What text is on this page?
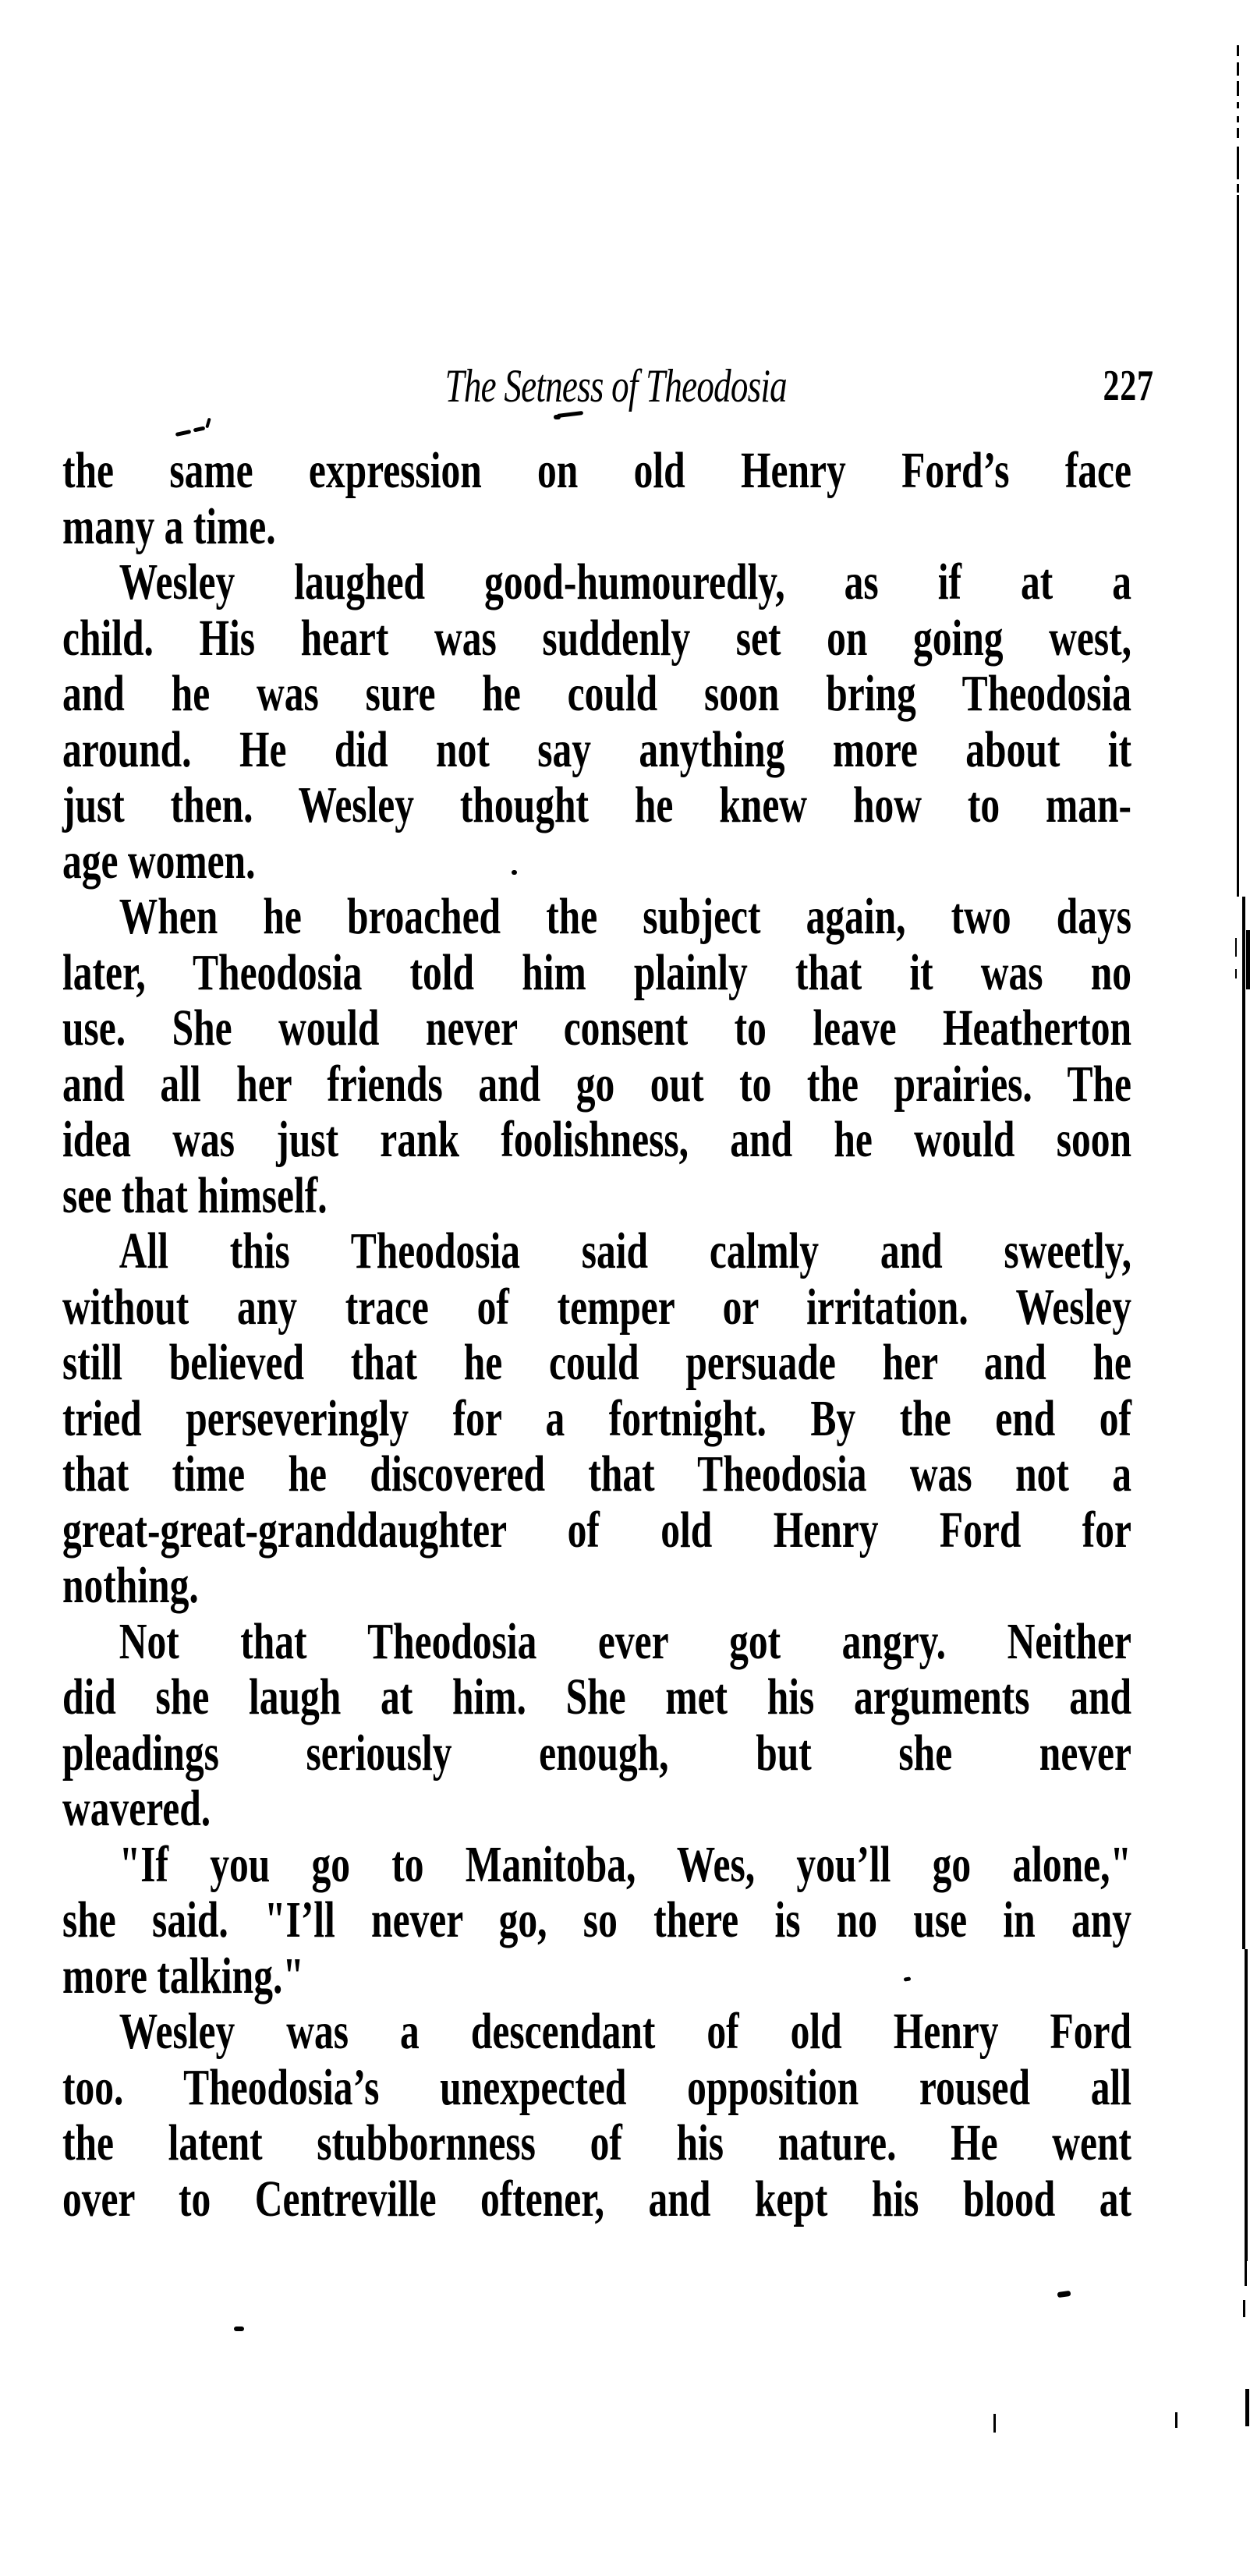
The Setness of Theodosia	227
the same expression on old Henry Ford’s face
many a time.
Wesley laughed good-humouredly, as if at a
child. His heart was suddenly set on going west,
and he was sure he could soon bring Theodosia
around. He did not say anything more about it
just then. Wesley thought he knew how to man-
age women.
When he broached the subject again, two days
later, Theodosia told him plainly that it was no
use. She would never consent to leave Heatherton
and all her friends and go out to the prairies. The
idea was just rank foolishness, and he would soon
see that himself.
All this Theodosia said calmly and sweetly,
without any trace of temper or irritation. Wesley
still believed that he could persuade her and he
tried perseveringly for a fortnight. By the end of
that time he discovered that Theodosia was not a
great-great-granddaughter of old Henry Ford for
nothing.
Not that Theodosia ever got angry. Neither
did she laugh at him. She met his arguments and
pleadings seriously enough, but she never
wavered.
"If you go to Manitoba, Wes, you’ll go alone,"
she said. "I’ll never go, so there is no use in any
more talking."
Wesley was a descendant of old Henry Ford
too. Theodosia’s unexpected opposition roused all
the latent stubbornness of his nature. He went
over to Centreville oftener, and kept his blood at
